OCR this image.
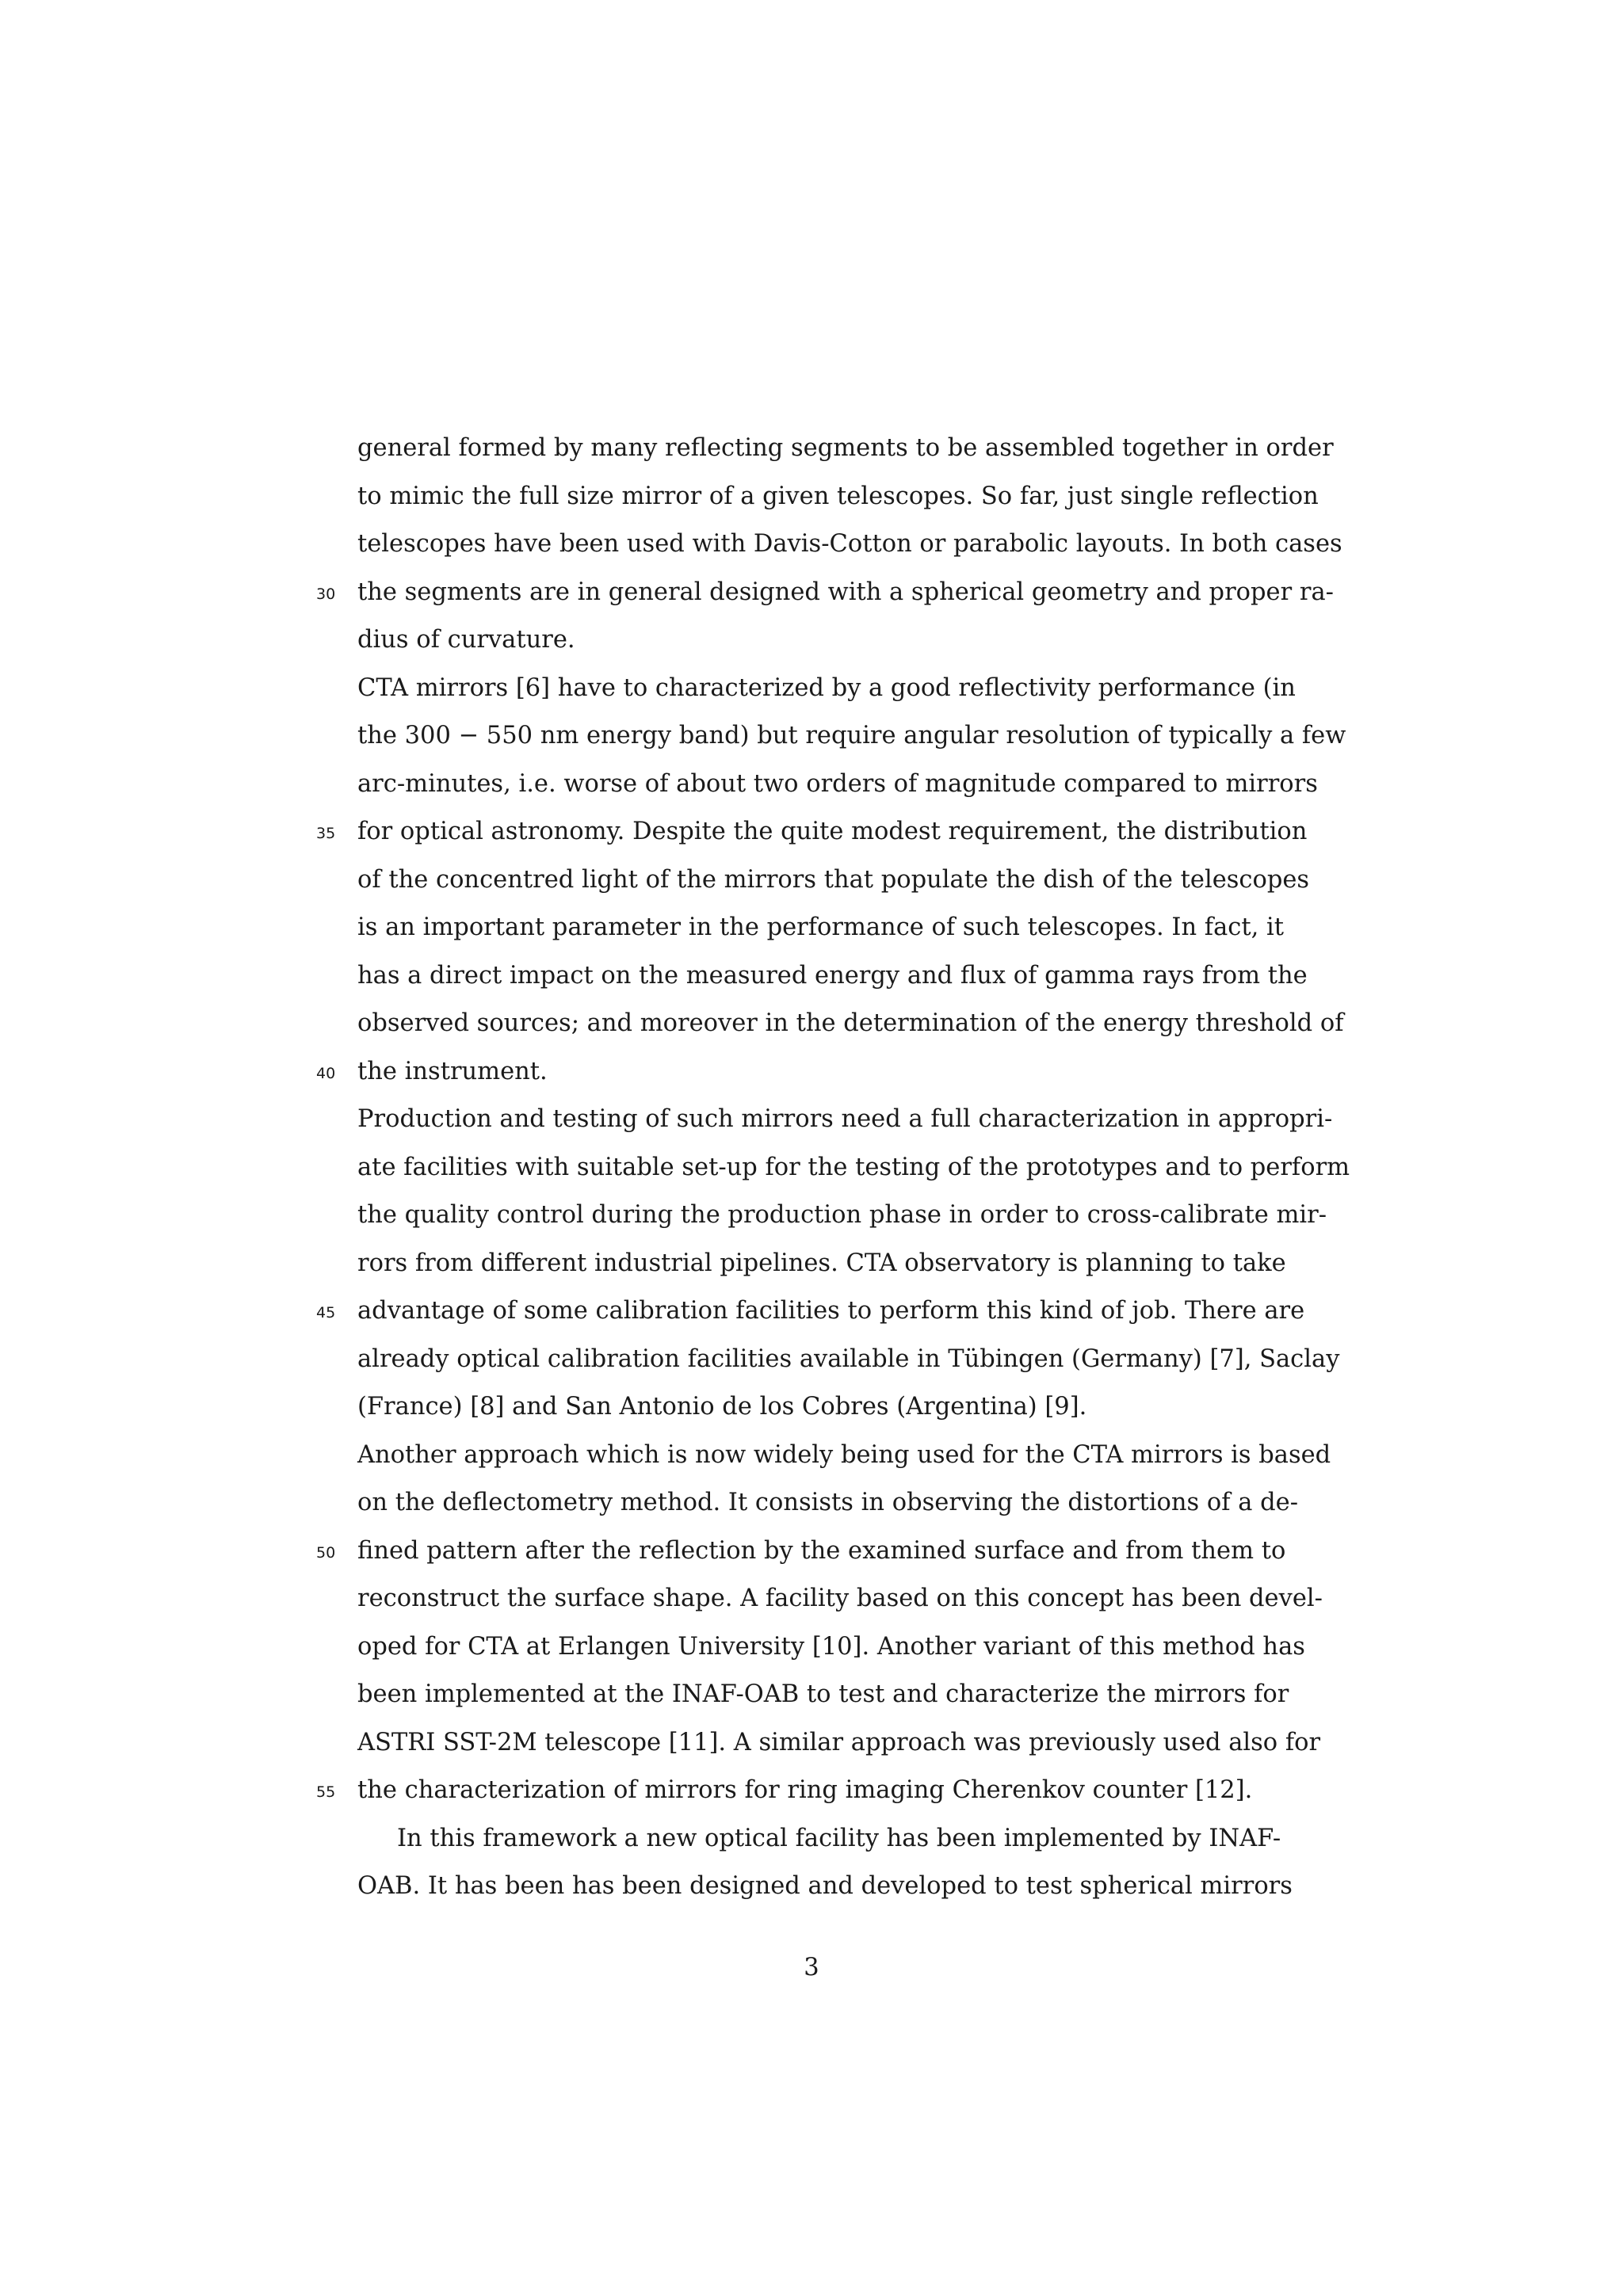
general formed by many reflecting segments to be assembled together in order
to mimic the full size mirror of a given telescopes. So far, just single reflection
telescopes have been used with Davis-Cotton or parabolic layouts. In both cases
30 the segments are in general designed with a spherical geometry and proper ra-
dius of curvature.
CTA mirrors [6] have to characterized by a good reflectivity performance (in
the 300 − 550 nm energy band) but require angular resolution of typically a few
arc-minutes, i.e. worse of about two orders of magnitude compared to mirrors
35 for optical astronomy. Despite the quite modest requirement, the distribution
of the concentred light of the mirrors that populate the dish of the telescopes
is an important parameter in the performance of such telescopes. In fact, it
has a direct impact on the measured energy and flux of gamma rays from the
observed sources; and moreover in the determination of the energy threshold of
40 the instrument.
Production and testing of such mirrors need a full characterization in appropri-
ate facilities with suitable set-up for the testing of the prototypes and to perform
the quality control during the production phase in order to cross-calibrate mir-
rors from different industrial pipelines. CTA observatory is planning to take
45 advantage of some calibration facilities to perform this kind of job. There are
already optical calibration facilities available in Tübingen (Germany) [7], Saclay
(France) [8] and San Antonio de los Cobres (Argentina) [9].
Another approach which is now widely being used for the CTA mirrors is based
on the deflectometry method. It consists in observing the distortions of a de-
50 fined pattern after the reflection by the examined surface and from them to
reconstruct the surface shape. A facility based on this concept has been devel-
oped for CTA at Erlangen University [10]. Another variant of this method has
been implemented at the INAF-OAB to test and characterize the mirrors for
ASTRI SST-2M telescope [11]. A similar approach was previously used also for
55 the characterization of mirrors for ring imaging Cherenkov counter [12].
In this framework a new optical facility has been implemented by INAF-
OAB. It has been has been designed and developed to test spherical mirrors
3
